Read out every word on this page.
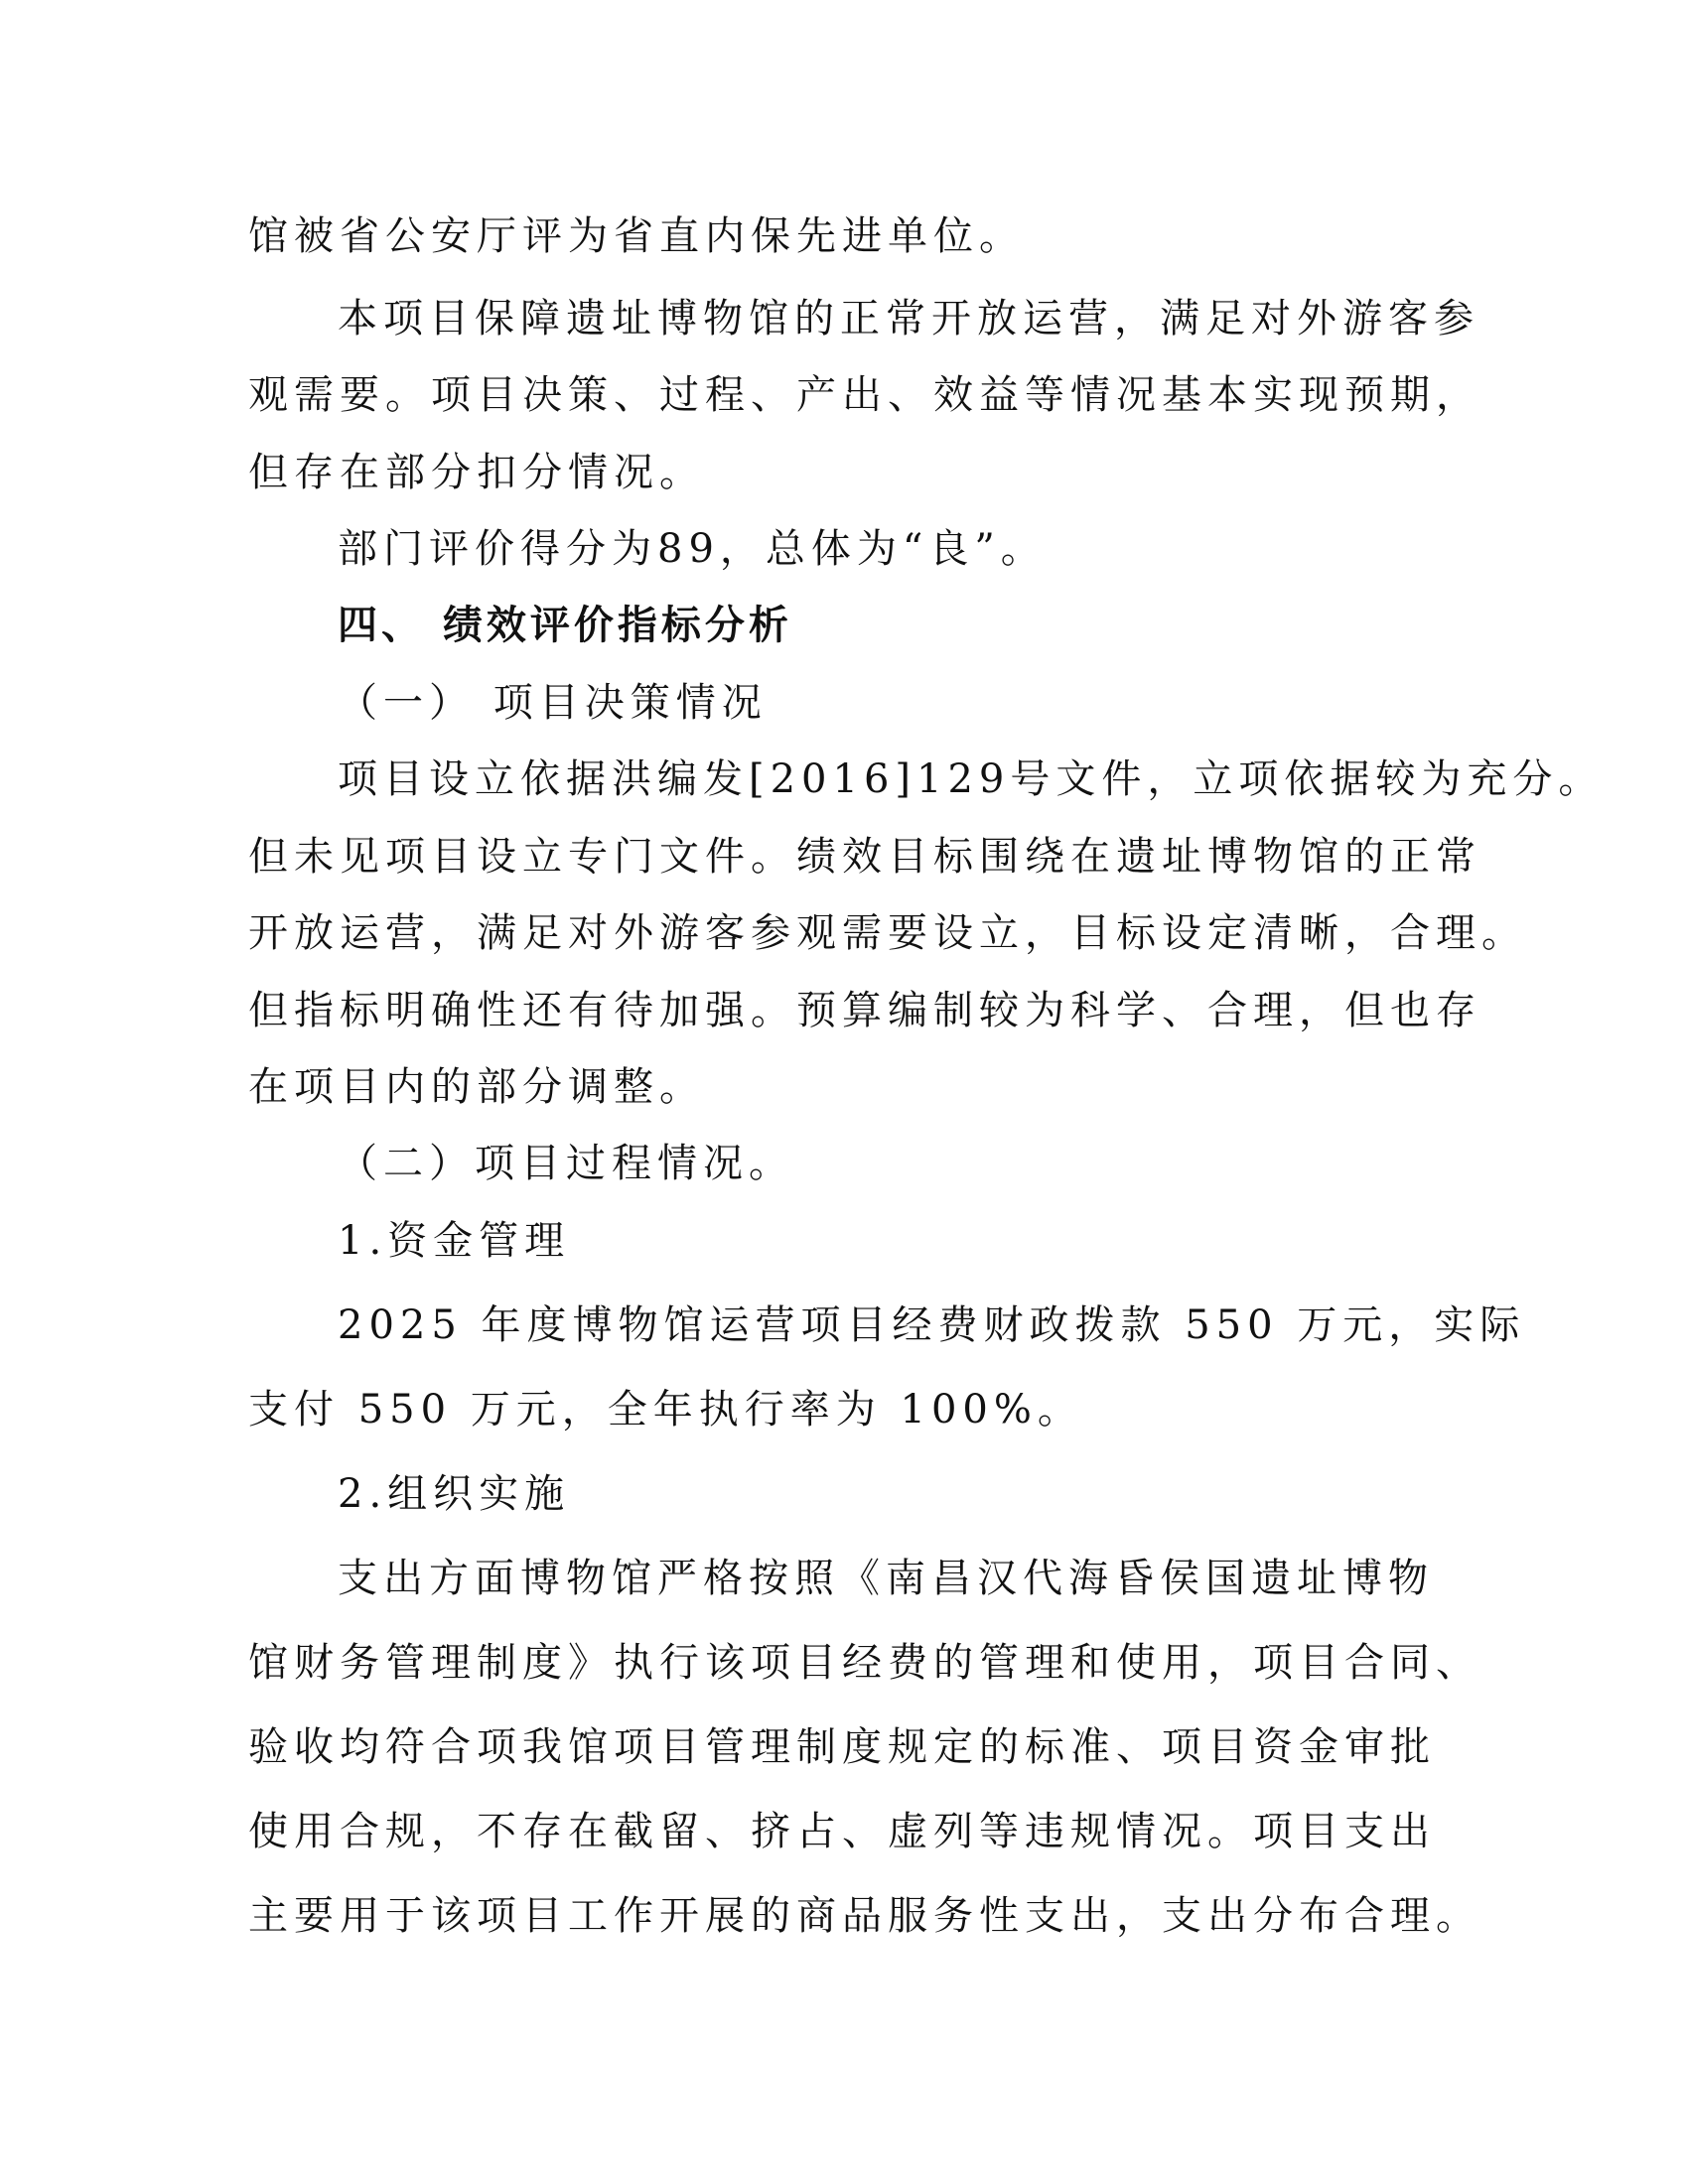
馆被省公安厅评为省直内保先进单位。
本项目保障遗址博物馆的正常开放运营，满足对外游客参
观需要。项目决策、过程、产出、效益等情况基本实现预期，
但存在部分扣分情况。
部门评价得分为89，总体为“良”。
四、 绩效评价指标分析
（一） 项目决策情况
项目设立依据洪编发[2016]129号文件，立项依据较为充分。
但未见项目设立专门文件。绩效目标围绕在遗址博物馆的正常
开放运营，满足对外游客参观需要设立，目标设定清晰，合理。
但指标明确性还有待加强。预算编制较为科学、合理，但也存
在项目内的部分调整。
（二）项目过程情况。
1.资金管理
2025 年度博物馆运营项目经费财政拨款 550 万元，实际
支付 550 万元，全年执行率为 100%。
2.组织实施
支出方面博物馆严格按照《南昌汉代海昏侯国遗址博物
馆财务管理制度》执行该项目经费的管理和使用，项目合同、
验收均符合项我馆项目管理制度规定的标准、项目资金审批
使用合规，不存在截留、挤占、虚列等违规情况。项目支出
主要用于该项目工作开展的商品服务性支出，支出分布合理。
